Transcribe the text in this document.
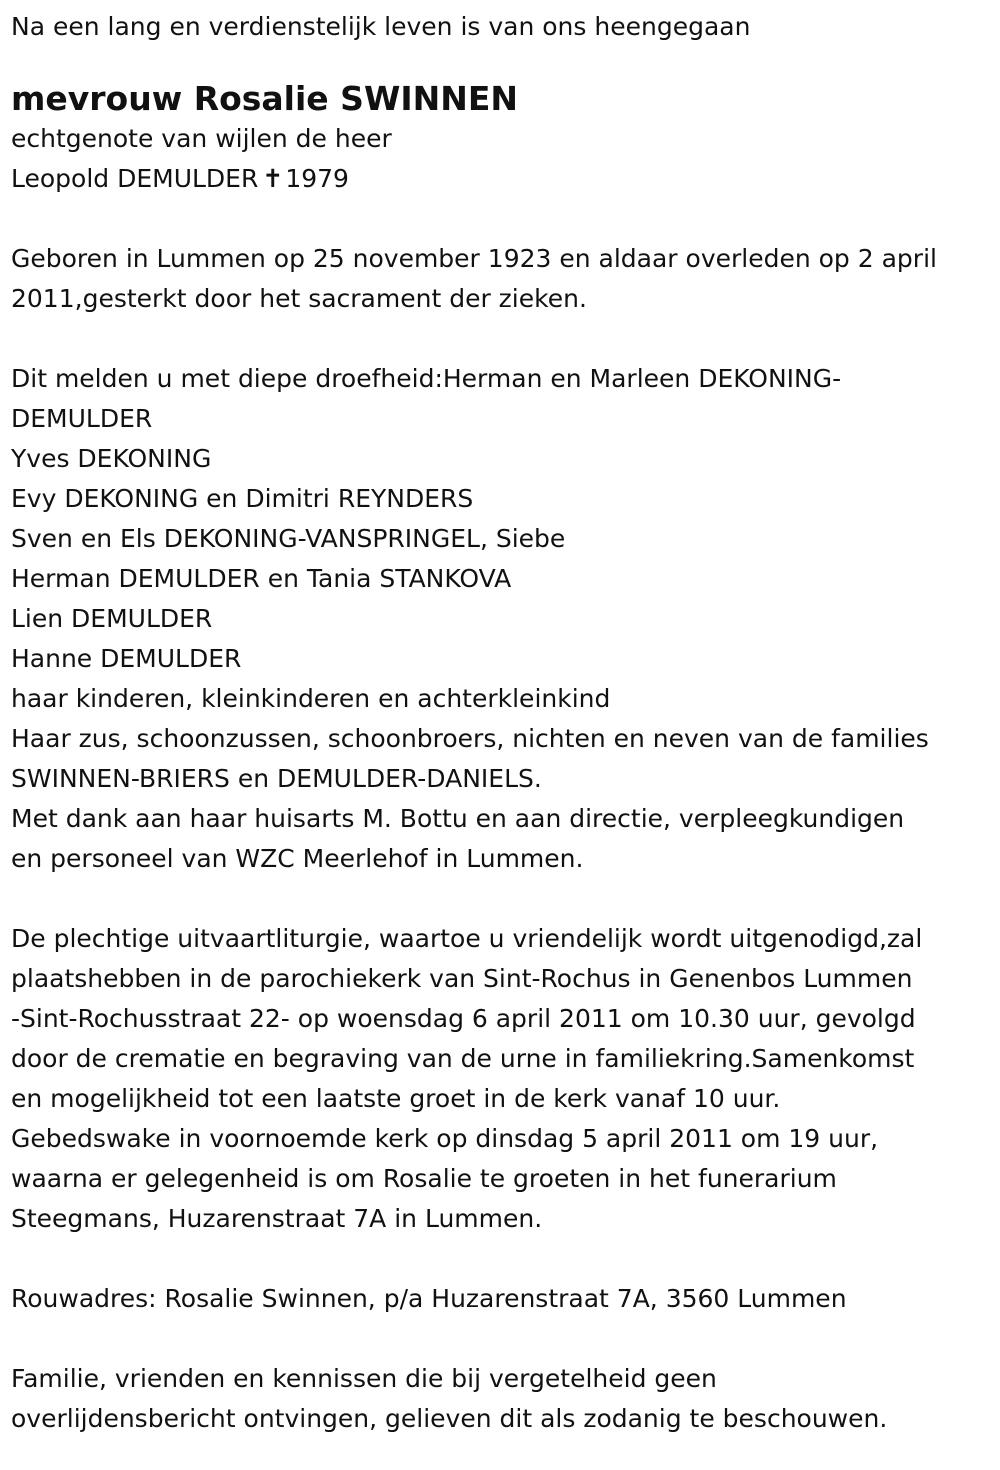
Na een lang en verdienstelijk leven is van ons heengegaan

mevrouw Rosalie SWINNEN

echtgenote van wijlen de heer

Leopold DEMULDER ✝1979

Geboren in Lummen op 25 november 1923 en aldaar overleden op 2 april

2011,gesterkt door het sacrament der zieken.

Dit melden u met diepe droefheid:Herman en Marleen DEKONING-

DEMULDER

Yves DEKONING

Evy DEKONING en Dimitri REYNDERS

Sven en Els DEKONING-VANSPRINGEL, Siebe

Herman DEMULDER en Tania STANKOVA

Lien DEMULDER

Hanne DEMULDER

haar kinderen, kleinkinderen en achterkleinkind

Haar zus, schoonzussen, schoonbroers, nichten en neven van de families

SWINNEN-BRIERS en DEMULDER-DANIELS.

Met dank aan haar huisarts M. Bottu en aan directie, verpleegkundigen

en personeel van WZC Meerlehof in Lummen.

De plechtige uitvaartliturgie, waartoe u vriendelijk wordt uitgenodigd,zal

plaatshebben in de parochiekerk van Sint-Rochus in Genenbos Lummen

-Sint-Rochusstraat 22- op woensdag 6 april 2011 om 10.30 uur, gevolgd

door de crematie en begraving van de urne in familiekring.Samenkomst

en mogelijkheid tot een laatste groet in de kerk vanaf 10 uur.

Gebedswake in voornoemde kerk op dinsdag 5 april 2011 om 19 uur,

waarna er gelegenheid is om Rosalie te groeten in het funerarium

Steegmans, Huzarenstraat 7A in Lummen.

Rouwadres: Rosalie Swinnen, p/a Huzarenstraat 7A, 3560 Lummen

Familie, vrienden en kennissen die bij vergetelheid geen

overlijdensbericht ontvingen, gelieven dit als zodanig te beschouwen.
